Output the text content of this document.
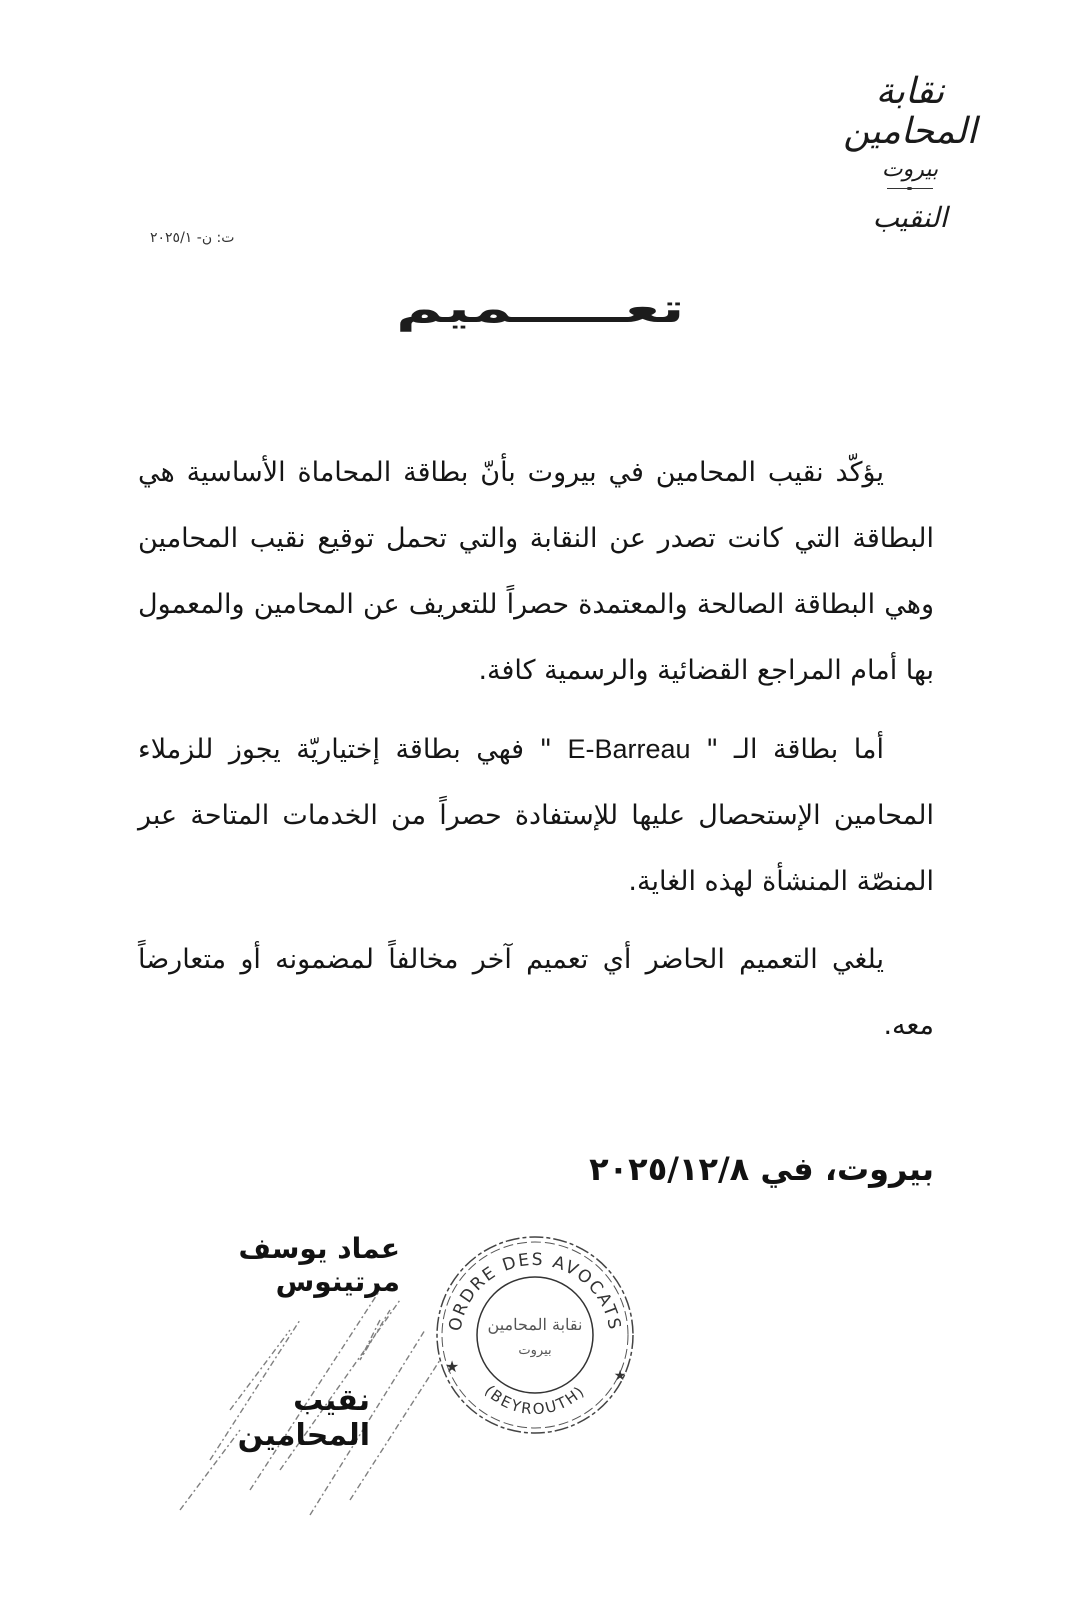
نقابة المحامين
بيروت
النقيب
ت: ن- ٢٠٢٥/١
تعـــــميم

يؤكّد نقيب المحامين في بيروت بأنّ بطاقة المحاماة الأساسية هي البطاقة التي كانت تصدر عن النقابة والتي تحمل توقيع نقيب المحامين وهي البطاقة الصالحة والمعتمدة حصراً للتعريف عن المحامين والمعمول بها أمام المراجع القضائية والرسمية كافة.

أما بطاقة الـ " E-Barreau " فهي بطاقة إختياريّة يجوز للزملاء المحامين الإستحصال عليها للإستفادة حصراً من الخدمات المتاحة عبر المنصّة المنشأة لهذه الغاية.

يلغي التعميم الحاضر أي تعميم آخر مخالفاً لمضمونه أو متعارضاً معه.

بيروت، في ٢٠٢٥/١٢/٨
عماد يوسف مرتينوس
نقيب المحامين
ORDRE DES AVOCATS
(BEYROUTH)
★	★
نقابة المحامين
بيروت
